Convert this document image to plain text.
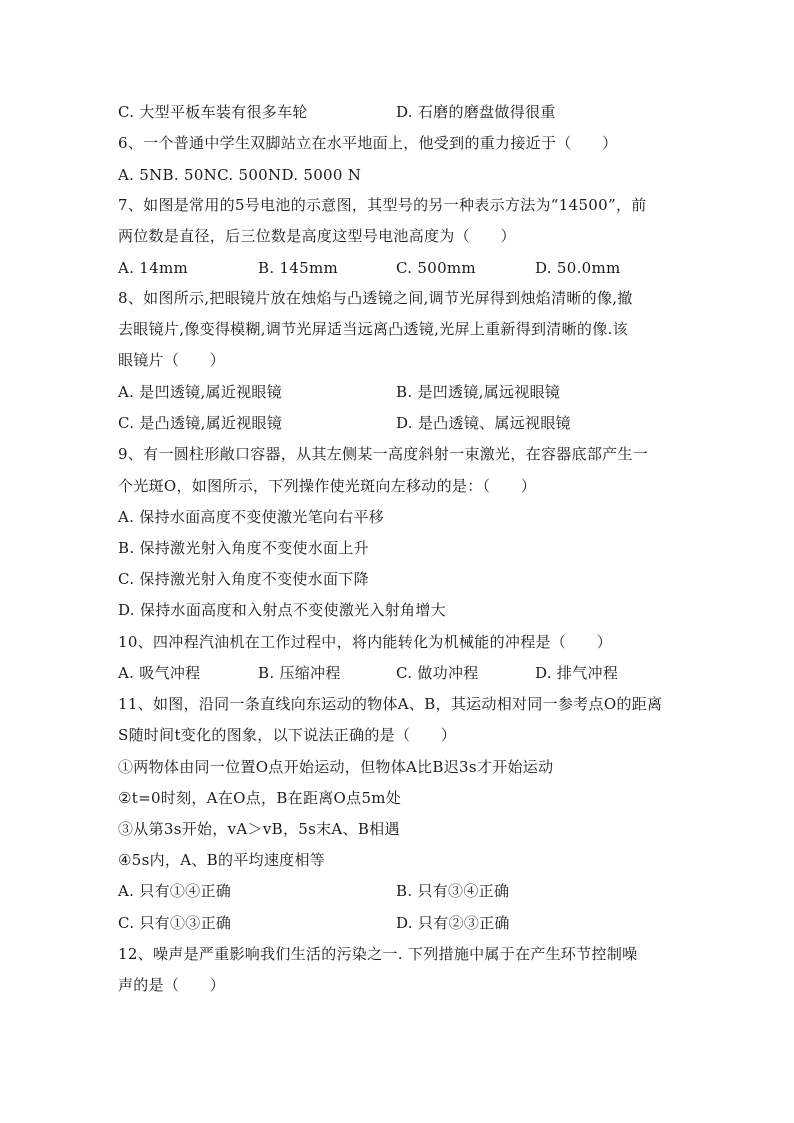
C. 大型平板车装有很多车轮	D. 石磨的磨盘做得很重
6、一个普通中学生双脚站立在水平地面上，他受到的重力接近于（　　）
A. 5NB. 50NC. 500ND. 5000 N
7、如图是常用的5号电池的示意图，其型号的另一种表示方法为“14500”，前
两位数是直径，后三位数是高度这型号电池高度为（　　）
A. 14mm	B. 145mm	C. 500mm	D. 50.0mm
8、如图所示,把眼镜片放在烛焰与凸透镜之间,调节光屏得到烛焰清晰的像,撤
去眼镜片,像变得模糊,调节光屏适当远离凸透镜,光屏上重新得到清晰的像.该
眼镜片（　　）
A. 是凹透镜,属近视眼镜	B. 是凹透镜,属远视眼镜
C. 是凸透镜,属近视眼镜	D. 是凸透镜、属远视眼镜
9、有一圆柱形敞口容器，从其左侧某一高度斜射一束激光，在容器底部产生一
个光斑O，如图所示，下列操作使光斑向左移动的是：（　　）
A. 保持水面高度不变使激光笔向右平移
B. 保持激光射入角度不变使水面上升
C. 保持激光射入角度不变使水面下降
D. 保持水面高度和入射点不变使激光入射角增大
10、四冲程汽油机在工作过程中，将内能转化为机械能的冲程是（　　）
A. 吸气冲程	B. 压缩冲程	C. 做功冲程	D. 排气冲程
11、如图，沿同一条直线向东运动的物体A、B，其运动相对同一参考点O的距离
S随时间t变化的图象，以下说法正确的是（　　）
①两物体由同一位置O点开始运动，但物体A比B迟3s才开始运动
②t=0时刻，A在O点，B在距离O点5m处
③从第3s开始，vA＞vB，5s末A、B相遇
④5s内，A、B的平均速度相等
A. 只有①④正确	B. 只有③④正确
C. 只有①③正确	D. 只有②③正确
12、噪声是严重影响我们生活的污染之一. 下列措施中属于在产生环节控制噪
声的是（　　）
